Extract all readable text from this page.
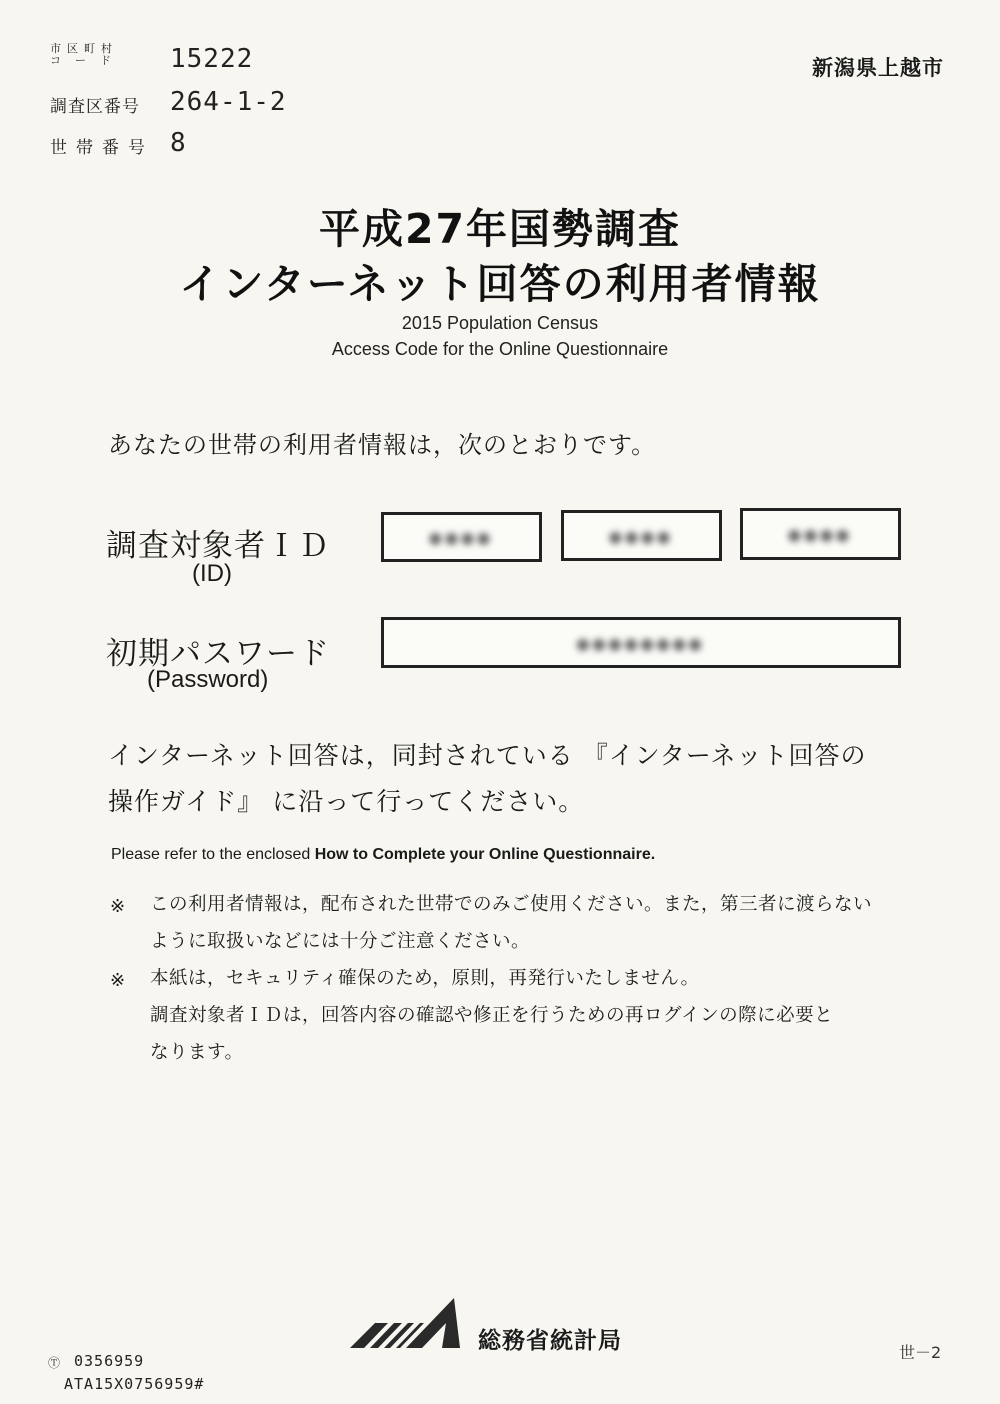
市区町村
コード	15222
調査区番号 264-1-2
世帯番号 8
新潟県上越市
平成27年国勢調査
インターネット回答の利用者情報
2015 Population Census
Access Code for the Online Questionnaire
あなたの世帯の利用者情報は，次のとおりです。
調査対象者ＩＤ
(ID)
●●●●	●●●●	●●●●
初期パスワード
(Password)
●●●●●●●●
インターネット回答は，同封されている 『インターネット回答の
操作ガイド』 に沿って行ってください。
Please refer to the enclosed How to Complete your Online Questionnaire.
※ この利用者情報は，配布された世帯でのみご使用ください。また，第三者に渡らない
ように取扱いなどには十分ご注意ください。
※ 本紙は，セキュリティ確保のため，原則，再発行いたしません。
調査対象者ＩＤは，回答内容の確認や修正を行うための再ログインの際に必要と
なります。
総務省統計局	世－2
Ⓣ 0356959
ATA15X0756959#
